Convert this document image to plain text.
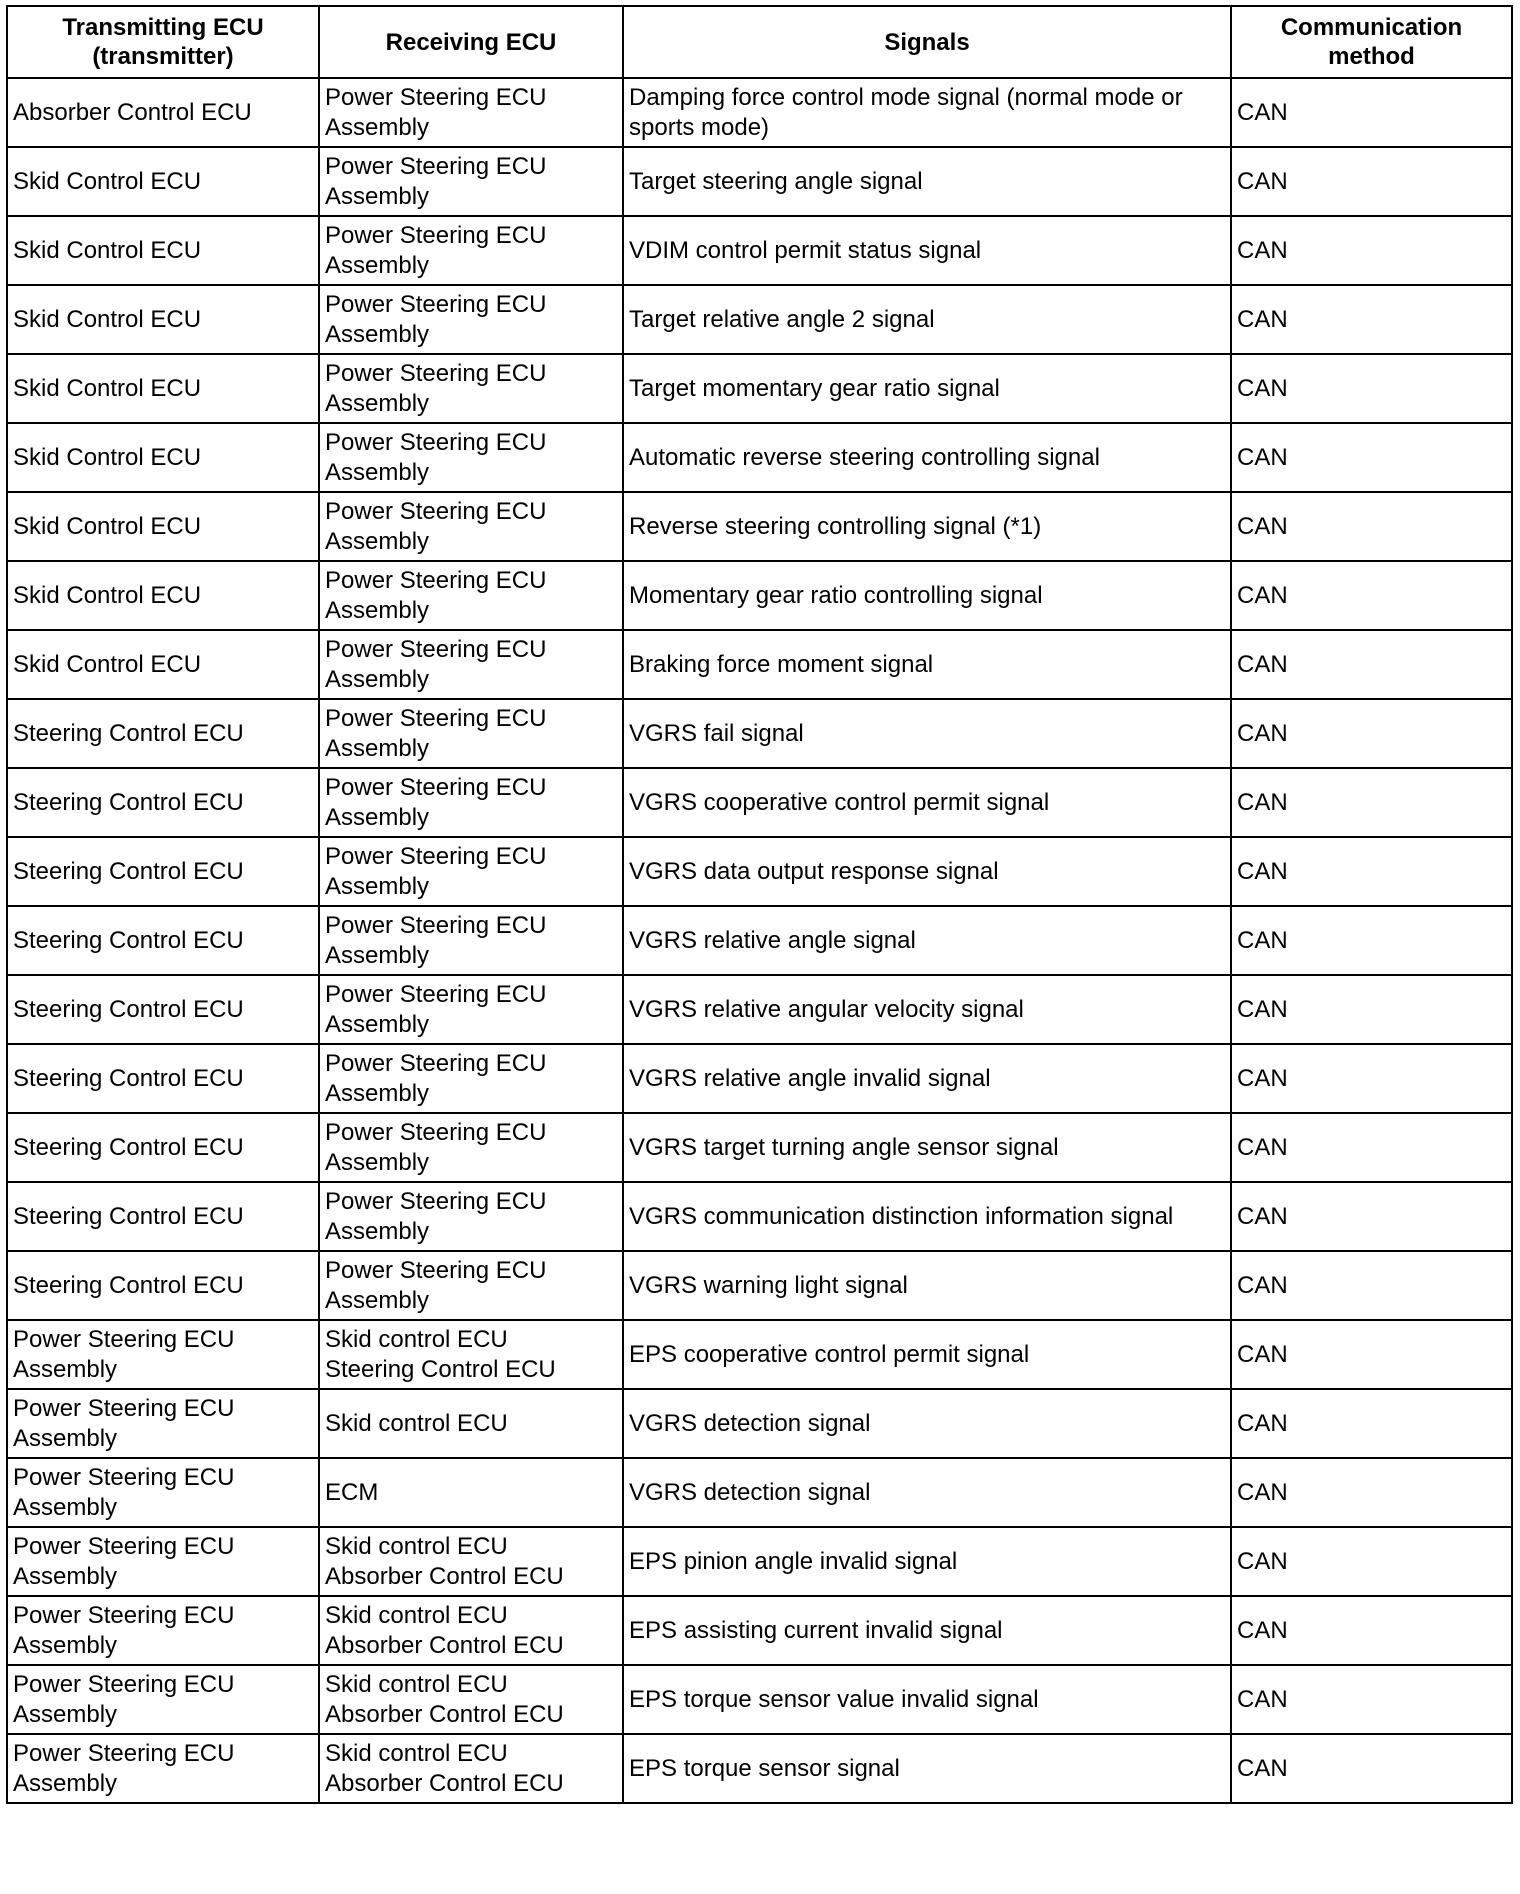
Transmitting ECU
(transmitter)	Receiving ECU	Signals	Communication
method
Absorber Control ECU	Power Steering ECU
Assembly	Damping force control mode signal (normal mode or
sports mode)	CAN
Skid Control ECU	Power Steering ECU
Assembly	Target steering angle signal	CAN
Skid Control ECU	Power Steering ECU
Assembly	VDIM control permit status signal	CAN
Skid Control ECU	Power Steering ECU
Assembly	Target relative angle 2 signal	CAN
Skid Control ECU	Power Steering ECU
Assembly	Target momentary gear ratio signal	CAN
Skid Control ECU	Power Steering ECU
Assembly	Automatic reverse steering controlling signal	CAN
Skid Control ECU	Power Steering ECU
Assembly	Reverse steering controlling signal (*1)	CAN
Skid Control ECU	Power Steering ECU
Assembly	Momentary gear ratio controlling signal	CAN
Skid Control ECU	Power Steering ECU
Assembly	Braking force moment signal	CAN
Steering Control ECU	Power Steering ECU
Assembly	VGRS fail signal	CAN
Steering Control ECU	Power Steering ECU
Assembly	VGRS cooperative control permit signal	CAN
Steering Control ECU	Power Steering ECU
Assembly	VGRS data output response signal	CAN
Steering Control ECU	Power Steering ECU
Assembly	VGRS relative angle signal	CAN
Steering Control ECU	Power Steering ECU
Assembly	VGRS relative angular velocity signal	CAN
Steering Control ECU	Power Steering ECU
Assembly	VGRS relative angle invalid signal	CAN
Steering Control ECU	Power Steering ECU
Assembly	VGRS target turning angle sensor signal	CAN
Steering Control ECU	Power Steering ECU
Assembly	VGRS communication distinction information signal	CAN
Steering Control ECU	Power Steering ECU
Assembly	VGRS warning light signal	CAN
Power Steering ECU
Assembly	Skid control ECU
Steering Control ECU	EPS cooperative control permit signal	CAN
Power Steering ECU
Assembly	Skid control ECU	VGRS detection signal	CAN
Power Steering ECU
Assembly	ECM	VGRS detection signal	CAN
Power Steering ECU
Assembly	Skid control ECU
Absorber Control ECU	EPS pinion angle invalid signal	CAN
Power Steering ECU
Assembly	Skid control ECU
Absorber Control ECU	EPS assisting current invalid signal	CAN
Power Steering ECU
Assembly	Skid control ECU
Absorber Control ECU	EPS torque sensor value invalid signal	CAN
Power Steering ECU
Assembly	Skid control ECU
Absorber Control ECU	EPS torque sensor signal	CAN
